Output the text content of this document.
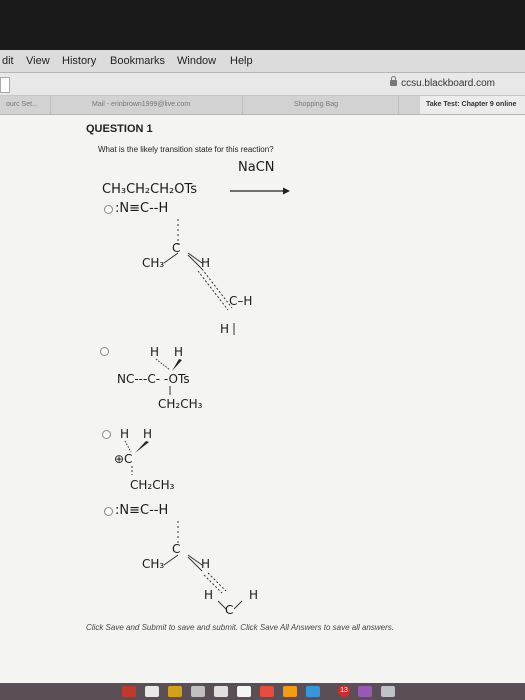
dit View History Bookmarks Window Help
ccsu.blackboard.com
ourc Set...	Mail - erinbrown1999@live.com	Shopping Bag	Take Test: Chapter 9 online
QUESTION 1
What is the likely transition state for this reaction?
NaCN
CH₃CH₂CH₂OTs
:N≡C--H
C
CH₃	H
C–H
H
H H
NC---C- -OTs
CH₂CH₃
H H
⊕C
CH₂CH₃
:N≡C--H
C
CH₃	H
H	H
C
Click Save and Submit to save and submit. Click Save All Answers to save all answers.
13
